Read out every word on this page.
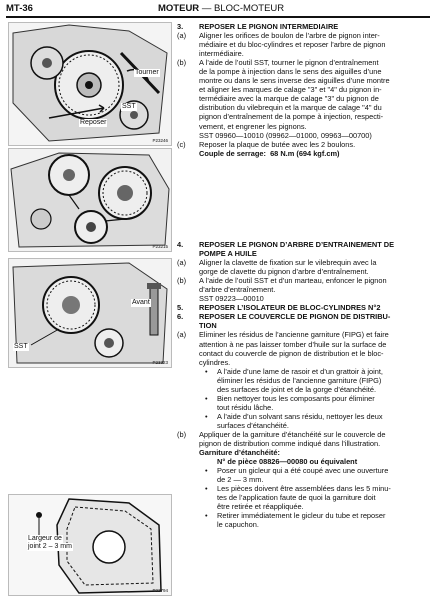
MT-36	MOTEUR — BLOC-MOTEUR
Tourner
SST
Reposer
P23246
P23215
Avant
SST
P23323
Largeur de
joint 2 – 3 mm
P22794
3. REPOSER LE PIGNON INTERMEDIAIRE
(a) Aligner les orifices de boulon de l’arbre de pignon inter-
médiaire et du bloc-cylindres et reposer l’arbre de pignon
intermédiaire.
(b) A l’aide de l’outil SST, tourner le pignon d’entraînement
de la pompe à injection dans le sens des aiguilles d’une
montre ou dans le sens inverse des aiguilles d’une montre
et aligner les marques de calage "3" et "4" du pignon in-
termédiaire avec la marque de calage "3" du pignon de
distribution du vilebrequin et la marque de calage "4" du
pignon d’entraînement de la pompe à injection, respecti-
vement, et engrener les pignons.
SST 09960—10010 (09962—01000, 09963—00700)
(c) Reposer la plaque de butée avec les 2 boulons.
Couple de serrage: 68 N.m (694 kgf.cm)
4. REPOSER LE PIGNON D’ARBRE D’ENTRAINEMENT DE
POMPE A HUILE
(a) Aligner la clavette de fixation sur le vilebrequin avec la
gorge de clavette du pignon d’arbre d’entraînement.
(b) A l’aide de l’outil SST et d’un marteau, enfoncer le pignon
d’arbre d’entraînement.
SST 09223—00010
5. REPOSER L’ISOLATEUR DE BLOC-CYLINDRES N°2
6. REPOSER LE COUVERCLE DE PIGNON DE DISTRIBU-
TION
(a) Eliminer les résidus de l’ancienne garniture (FIPG) et faire
attention à ne pas laisser tomber d’huile sur la surface de
contact du couvercle de pignon de distribution et le bloc-
cylindres.
• A l’aide d’une lame de rasoir et d’un grattoir à joint,
éliminer les résidus de l’ancienne garniture (FIPG)
des surfaces de joint et de la gorge d’étanchéité.
• Bien nettoyer tous les composants pour éliminer
tout résidu lâche.
• A l’aide d’un solvant sans résidu, nettoyer les deux
surfaces d’étanchéité.
(b) Appliquer de la garniture d’étanchéité sur le couvercle de
pignon de distribution comme indiqué dans l’illustration.
Garniture d’étanchéité:
N° de pièce 08826—00080 ou équivalent
• Poser un gicleur qui a été coupé avec une ouverture
de 2 — 3 mm.
• Les pièces doivent être assemblées dans les 5 minu-
tes de l’application faute de quoi la garniture doit
être retirée et réappliquée.
• Retirer immédiatement le gicleur du tube et reposer
le capuchon.
